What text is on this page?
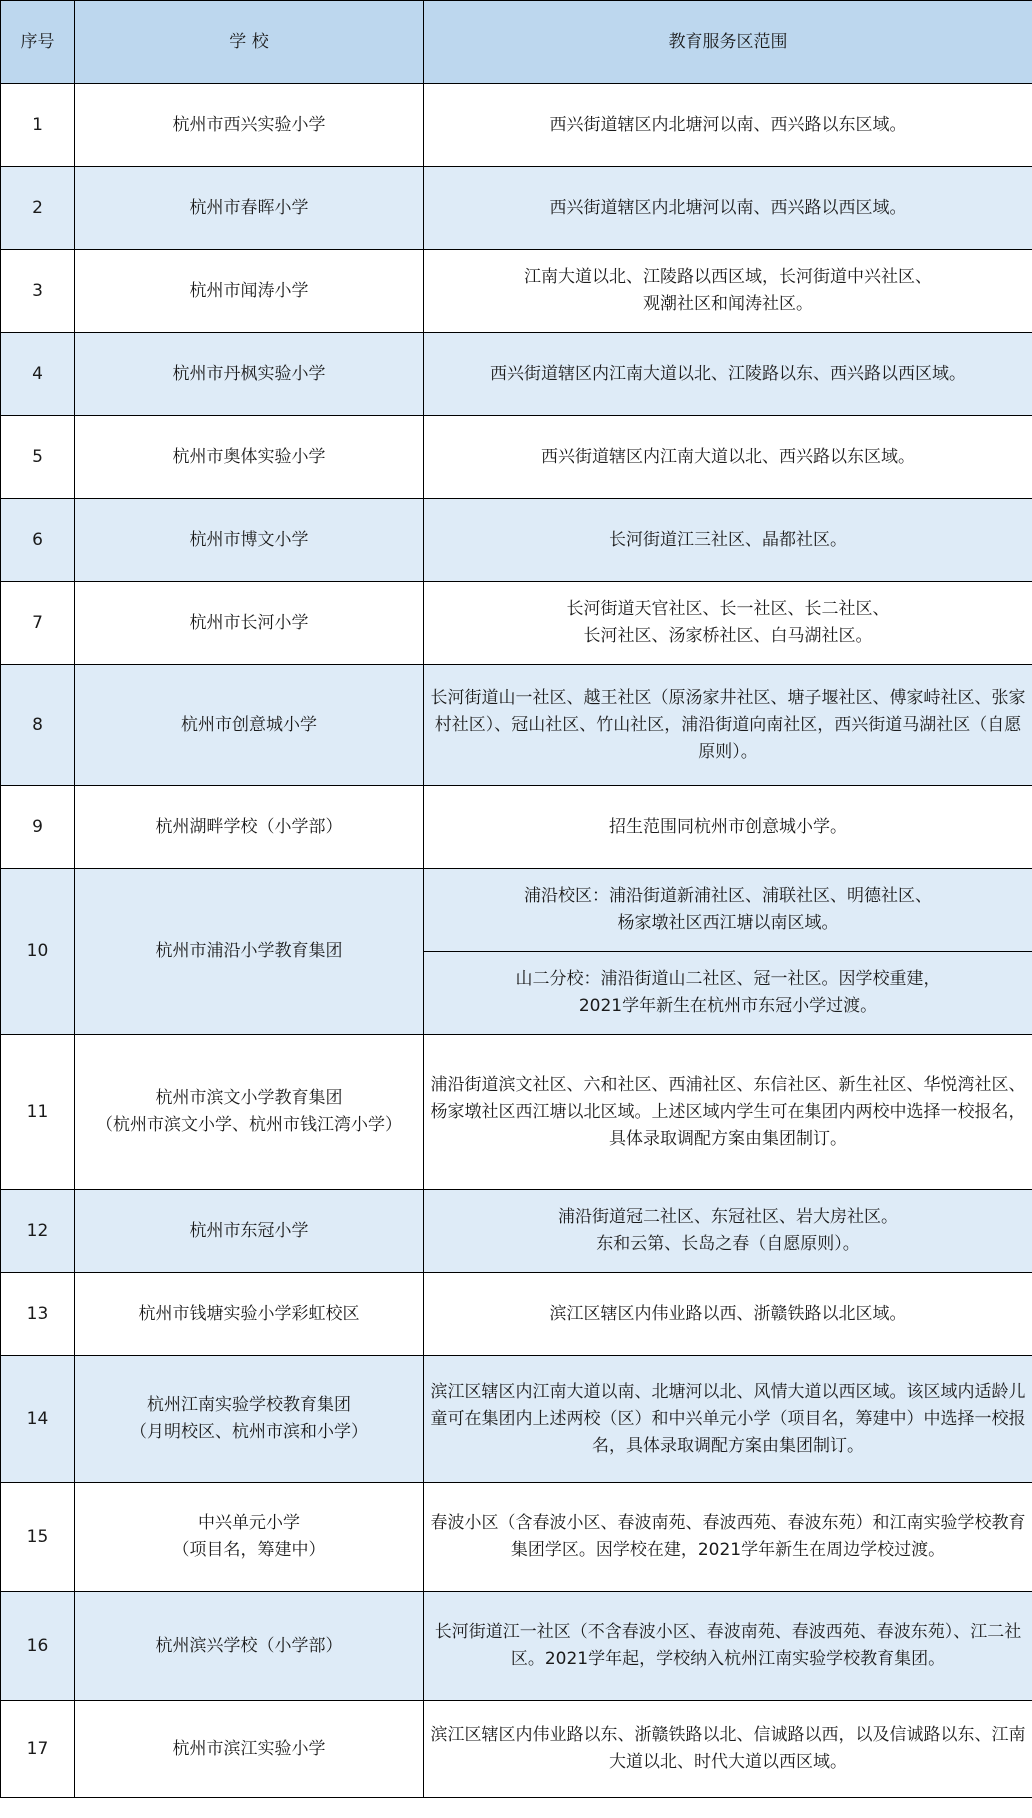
序号	学 校	教育服务区范围
1	杭州市西兴实验小学	西兴街道辖区内北塘河以南、西兴路以东区域。
2	杭州市春晖小学	西兴街道辖区内北塘河以南、西兴路以西区域。
3	杭州市闻涛小学	江南大道以北、江陵路以西区域，长河街道中兴社区、
观潮社区和闻涛社区。

4	杭州市丹枫实验小学	西兴街道辖区内江南大道以北、江陵路以东、西兴路以西区域。
5	杭州市奥体实验小学	西兴街道辖区内江南大道以北、西兴路以东区域。
6	杭州市博文小学	长河街道江三社区、晶都社区。
7	杭州市长河小学	长河街道天官社区、长一社区、长二社区、
长河社区、汤家桥社区、白马湖社区。

8	杭州市创意城小学	长河街道山一社区、越王社区（原汤家井社区、塘子堰社区、傅家峙社区、张家村社区）、冠山社区、竹山社区，浦沿街道向南社区，西兴街道马湖社区（自愿原则）。
9	杭州湖畔学校（小学部）	招生范围同杭州市创意城小学。
10	杭州市浦沿小学教育集团	浦沿校区：浦沿街道新浦社区、浦联社区、明德社区、
杨家墩社区西江塘以南区域。

		山二分校：浦沿街道山二社区、冠一社区。因学校重建，
2021学年新生在杭州市东冠小学过渡。

11	杭州市滨文小学教育集团
（杭州市滨文小学、杭州市钱江湾小学）	浦沿街道滨文社区、六和社区、西浦社区、东信社区、新生社区、华悦湾社区、杨家墩社区西江塘以北区域。上述区域内学生可在集团内两校中选择一校报名，具体录取调配方案由集团制订。
12	杭州市东冠小学	浦沿街道冠二社区、东冠社区、岩大房社区。
东和云第、长岛之春（自愿原则）。

13	杭州市钱塘实验小学彩虹校区	滨江区辖区内伟业路以西、浙赣铁路以北区域。
14	杭州江南实验学校教育集团
（月明校区、杭州市滨和小学）	滨江区辖区内江南大道以南、北塘河以北、风情大道以西区域。该区域内适龄儿童可在集团内上述两校（区）和中兴单元小学（项目名，筹建中）中选择一校报名，具体录取调配方案由集团制订。
15	中兴单元小学
（项目名，筹建中）	春波小区（含春波小区、春波南苑、春波西苑、春波东苑）和江南实验学校教育集团学区。因学校在建，2021学年新生在周边学校过渡。
16	杭州滨兴学校（小学部）	长河街道江一社区（不含春波小区、春波南苑、春波西苑、春波东苑）、江二社区。2021学年起，学校纳入杭州江南实验学校教育集团。
17	杭州市滨江实验小学	滨江区辖区内伟业路以东、浙赣铁路以北、信诚路以西，以及信诚路以东、江南大道以北、时代大道以西区域。
